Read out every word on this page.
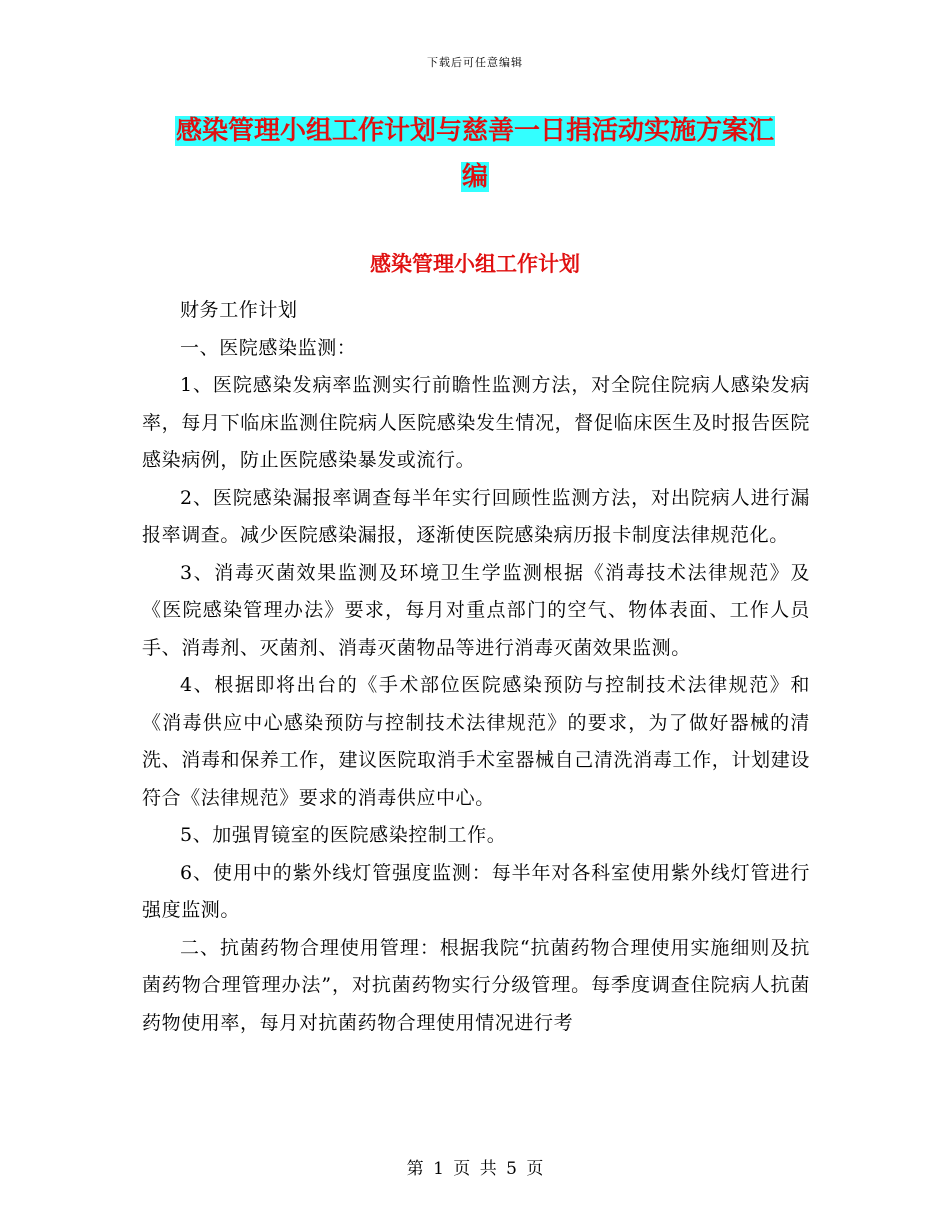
下载后可任意编辑
感染管理小组工作计划与慈善一日捐活动实施方案汇
编
感染管理小组工作计划

财务工作计划

一、医院感染监测：

1、医院感染发病率监测实行前瞻性监测方法，对全院住院病人感染发病率，每月下临床监测住院病人医院感染发生情况，督促临床医生及时报告医院感染病例，防止医院感染暴发或流行。

2、医院感染漏报率调查每半年实行回顾性监测方法，对出院病人进行漏报率调查。减少医院感染漏报，逐渐使医院感染病历报卡制度法律规范化。

3、消毒灭菌效果监测及环境卫生学监测根据《消毒技术法律规范》及《医院感染管理办法》要求，每月对重点部门的空气、物体表面、工作人员手、消毒剂、灭菌剂、消毒灭菌物品等进行消毒灭菌效果监测。

4、根据即将出台的《手术部位医院感染预防与控制技术法律规范》和《消毒供应中心感染预防与控制技术法律规范》的要求，为了做好器械的清洗、消毒和保养工作，建议医院取消手术室器械自己清洗消毒工作，计划建设符合《法律规范》要求的消毒供应中心。

5、加强胃镜室的医院感染控制工作。

6、使用中的紫外线灯管强度监测：每半年对各科室使用紫外线灯管进行强度监测。

二、抗菌药物合理使用管理：根据我院“抗菌药物合理使用实施细则及抗菌药物合理管理办法”，对抗菌药物实行分级管理。每季度调查住院病人抗菌药物使用率，每月对抗菌药物合理使用情况进行考

第 1 页 共 5 页
